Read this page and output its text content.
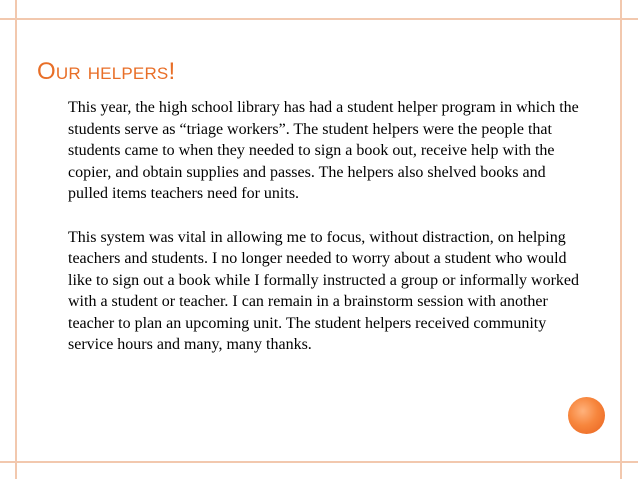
Our helpers!

This year, the high school library has had a student helper program in which the students serve as “triage workers”. The student helpers were the people that students came to when they needed to sign a book out, receive help with the copier, and obtain supplies and passes. The helpers also shelved books and pulled items teachers need for units.

This system was vital in allowing me to focus, without distraction, on helping teachers and students. I no longer needed to worry about a student who would like to sign out a book while I formally instructed a group or informally worked with a student or teacher. I can remain in a brainstorm session with another teacher to plan an upcoming unit. The student helpers received community service hours and many, many thanks.
